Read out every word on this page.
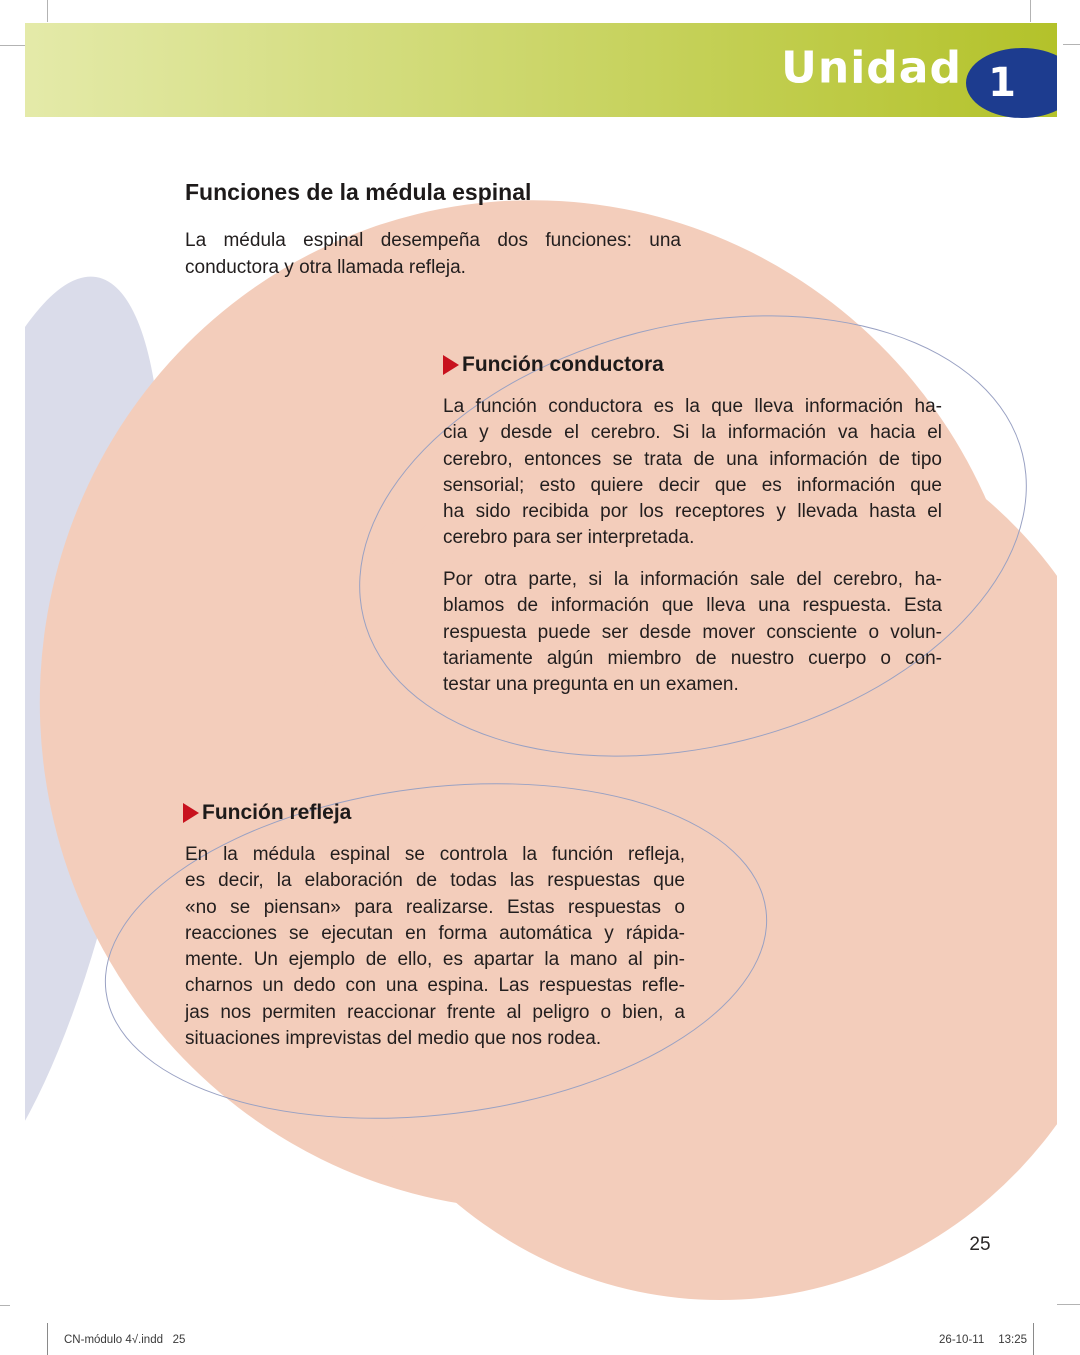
Unidad 1
Funciones de la médula espinal
La médula espinal desempeña dos funciones: una
conductora y otra llamada refleja.
Función conductora
La función conductora es la que lleva información ha-
cia y desde el cerebro. Si la información va hacia el
cerebro, entonces se trata de una información de tipo
sensorial; esto quiere decir que es información que
ha sido recibida por los receptores y llevada hasta el
cerebro para ser interpretada.
Por otra parte, si la información sale del cerebro, ha-
blamos de información que lleva una respuesta. Esta
respuesta puede ser desde mover consciente o volun-
tariamente algún miembro de nuestro cuerpo o con-
testar una pregunta en un examen.
Función refleja
En la médula espinal se controla la función refleja,
es decir, la elaboración de todas las respuestas que
«no se piensan» para realizarse. Estas respuestas o
reacciones se ejecutan en forma automática y rápida-
mente. Un ejemplo de ello, es apartar la mano al pin-
charnos un dedo con una espina. Las respuestas refle-
jas nos permiten reaccionar frente al peligro o bien, a
situaciones imprevistas del medio que nos rodea.
25
CN-módulo 4√.indd   25	26-10-11 13:25
